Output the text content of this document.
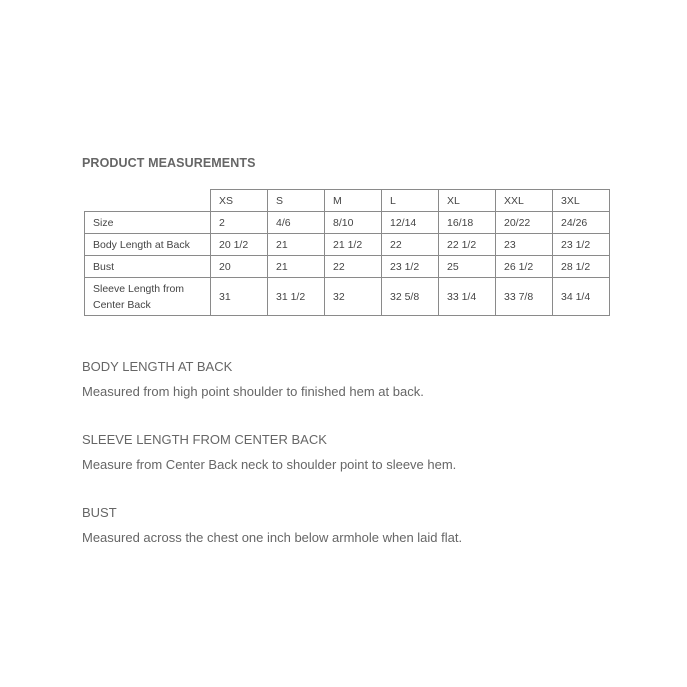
PRODUCT MEASUREMENTS
	XS	S	M	L	XL	XXL	3XL
Size	2	4/6	8/10	12/14	16/18	20/22	24/26
Body Length at Back	20 1/2	21	21 1/2	22	22 1/2	23	23 1/2
Bust	20	21	22	23 1/2	25	26 1/2	28 1/2
Sleeve Length from Center Back	31	31 1/2	32	32 5/8	33 1/4	33 7/8	34 1/4

BODY LENGTH AT BACK

Measured from high point shoulder to finished hem at back.

SLEEVE LENGTH FROM CENTER BACK

Measure from Center Back neck to shoulder point to sleeve hem.

BUST

Measured across the chest one inch below armhole when laid flat.
